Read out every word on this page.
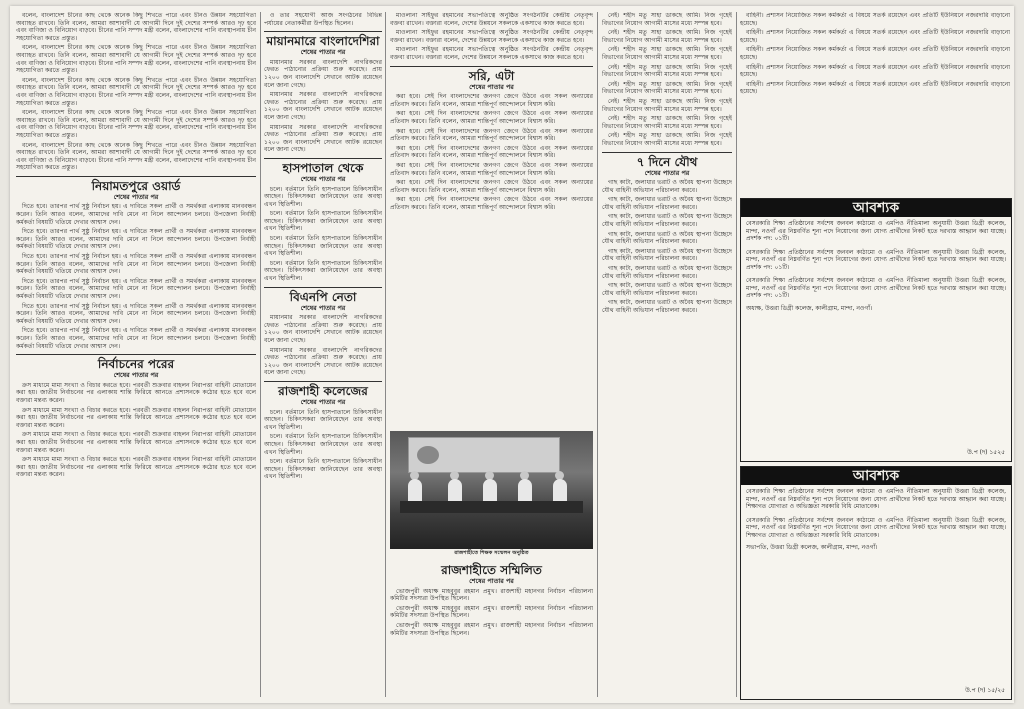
বলেন, বাংলাদেশ চীনের কাছ থেকে অনেক কিছু শিখতে পারে এবং চীনও উন্নয়ন সহযোগিতা অব্যাহত রাখবে। তিনি বলেন, আমরা আশাবাদী যে আগামী দিনে দুই দেশের সম্পর্ক আরও দৃঢ় হবে এবং বাণিজ্য ও বিনিয়োগ বাড়বে। চীনের পানি সম্পদ মন্ত্রী বলেন, বাংলাদেশের পানি ব্যবস্থাপনায় চীন সহযোগিতা করতে প্রস্তুত।

বলেন, বাংলাদেশ চীনের কাছ থেকে অনেক কিছু শিখতে পারে এবং চীনও উন্নয়ন সহযোগিতা অব্যাহত রাখবে। তিনি বলেন, আমরা আশাবাদী যে আগামী দিনে দুই দেশের সম্পর্ক আরও দৃঢ় হবে এবং বাণিজ্য ও বিনিয়োগ বাড়বে। চীনের পানি সম্পদ মন্ত্রী বলেন, বাংলাদেশের পানি ব্যবস্থাপনায় চীন সহযোগিতা করতে প্রস্তুত।

বলেন, বাংলাদেশ চীনের কাছ থেকে অনেক কিছু শিখতে পারে এবং চীনও উন্নয়ন সহযোগিতা অব্যাহত রাখবে। তিনি বলেন, আমরা আশাবাদী যে আগামী দিনে দুই দেশের সম্পর্ক আরও দৃঢ় হবে এবং বাণিজ্য ও বিনিয়োগ বাড়বে। চীনের পানি সম্পদ মন্ত্রী বলেন, বাংলাদেশের পানি ব্যবস্থাপনায় চীন সহযোগিতা করতে প্রস্তুত।

বলেন, বাংলাদেশ চীনের কাছ থেকে অনেক কিছু শিখতে পারে এবং চীনও উন্নয়ন সহযোগিতা অব্যাহত রাখবে। তিনি বলেন, আমরা আশাবাদী যে আগামী দিনে দুই দেশের সম্পর্ক আরও দৃঢ় হবে এবং বাণিজ্য ও বিনিয়োগ বাড়বে। চীনের পানি সম্পদ মন্ত্রী বলেন, বাংলাদেশের পানি ব্যবস্থাপনায় চীন সহযোগিতা করতে প্রস্তুত।

বলেন, বাংলাদেশ চীনের কাছ থেকে অনেক কিছু শিখতে পারে এবং চীনও উন্নয়ন সহযোগিতা অব্যাহত রাখবে। তিনি বলেন, আমরা আশাবাদী যে আগামী দিনে দুই দেশের সম্পর্ক আরও দৃঢ় হবে এবং বাণিজ্য ও বিনিয়োগ বাড়বে। চীনের পানি সম্পদ মন্ত্রী বলেন, বাংলাদেশের পানি ব্যবস্থাপনায় চীন সহযোগিতা করতে প্রস্তুত।

নিয়ামতপুরে ওয়ার্ড
শেষের পাতার পর

দিতে হবে। তারপর পার্থ সুষ্ঠু নির্বাচন হয়। এ দাবিতে সকল প্রার্থী ও সমর্থকরা এলাকায় মানববন্ধন করেন। তিনি আরও বলেন, আমাদের দাবি মেনে না নিলে আন্দোলন চলবে। উপজেলা নির্বাহী কর্মকর্তা বিষয়টি খতিয়ে দেখার আশ্বাস দেন।

দিতে হবে। তারপর পার্থ সুষ্ঠু নির্বাচন হয়। এ দাবিতে সকল প্রার্থী ও সমর্থকরা এলাকায় মানববন্ধন করেন। তিনি আরও বলেন, আমাদের দাবি মেনে না নিলে আন্দোলন চলবে। উপজেলা নির্বাহী কর্মকর্তা বিষয়টি খতিয়ে দেখার আশ্বাস দেন।

দিতে হবে। তারপর পার্থ সুষ্ঠু নির্বাচন হয়। এ দাবিতে সকল প্রার্থী ও সমর্থকরা এলাকায় মানববন্ধন করেন। তিনি আরও বলেন, আমাদের দাবি মেনে না নিলে আন্দোলন চলবে। উপজেলা নির্বাহী কর্মকর্তা বিষয়টি খতিয়ে দেখার আশ্বাস দেন।

দিতে হবে। তারপর পার্থ সুষ্ঠু নির্বাচন হয়। এ দাবিতে সকল প্রার্থী ও সমর্থকরা এলাকায় মানববন্ধন করেন। তিনি আরও বলেন, আমাদের দাবি মেনে না নিলে আন্দোলন চলবে। উপজেলা নির্বাহী কর্মকর্তা বিষয়টি খতিয়ে দেখার আশ্বাস দেন।

দিতে হবে। তারপর পার্থ সুষ্ঠু নির্বাচন হয়। এ দাবিতে সকল প্রার্থী ও সমর্থকরা এলাকায় মানববন্ধন করেন। তিনি আরও বলেন, আমাদের দাবি মেনে না নিলে আন্দোলন চলবে। উপজেলা নির্বাহী কর্মকর্তা বিষয়টি খতিয়ে দেখার আশ্বাস দেন।

দিতে হবে। তারপর পার্থ সুষ্ঠু নির্বাচন হয়। এ দাবিতে সকল প্রার্থী ও সমর্থকরা এলাকায় মানববন্ধন করেন। তিনি আরও বলেন, আমাদের দাবি মেনে না নিলে আন্দোলন চলবে। উপজেলা নির্বাহী কর্মকর্তা বিষয়টি খতিয়ে দেখার আশ্বাস দেন।

নির্বাচনের পরের
শেষের পাতার পর

ক্রস মাধ্যমে মামা সংখ্যা ও বিচার করতে হবে। পরবর্তী শুক্রবার বাহলন নিরাপত্তা বাহিনী মোতায়েন করা হয়। জাতীয় নির্বাচনের পর এলাকায় শান্তি ফিরিয়ে আনতে প্রশাসনকে কঠোর হতে হবে বলে বক্তারা মন্তব্য করেন।

ক্রস মাধ্যমে মামা সংখ্যা ও বিচার করতে হবে। পরবর্তী শুক্রবার বাহলন নিরাপত্তা বাহিনী মোতায়েন করা হয়। জাতীয় নির্বাচনের পর এলাকায় শান্তি ফিরিয়ে আনতে প্রশাসনকে কঠোর হতে হবে বলে বক্তারা মন্তব্য করেন।

ক্রস মাধ্যমে মামা সংখ্যা ও বিচার করতে হবে। পরবর্তী শুক্রবার বাহলন নিরাপত্তা বাহিনী মোতায়েন করা হয়। জাতীয় নির্বাচনের পর এলাকায় শান্তি ফিরিয়ে আনতে প্রশাসনকে কঠোর হতে হবে বলে বক্তারা মন্তব্য করেন।

ক্রস মাধ্যমে মামা সংখ্যা ও বিচার করতে হবে। পরবর্তী শুক্রবার বাহলন নিরাপত্তা বাহিনী মোতায়েন করা হয়। জাতীয় নির্বাচনের পর এলাকায় শান্তি ফিরিয়ে আনতে প্রশাসনকে কঠোর হতে হবে বলে বক্তারা মন্তব্য করেন।

ও তার সহযোগী আজ সংগঠনের বিভিন্ন পর্যায়ের নেতাকর্মীরা উপস্থিত ছিলেন।

মায়ানমারে বাংলাদেশিরা
শেষের পাতার পর

মায়ানমার সরকার বাংলাদেশি নাগরিকদের ফেরত পাঠানোর প্রক্রিয়া শুরু করেছে। প্রায় ১২০০ জন বাংলাদেশি সেখানে আটক রয়েছেন বলে জানা গেছে।

মায়ানমার সরকার বাংলাদেশি নাগরিকদের ফেরত পাঠানোর প্রক্রিয়া শুরু করেছে। প্রায় ১২০০ জন বাংলাদেশি সেখানে আটক রয়েছেন বলে জানা গেছে।

মায়ানমার সরকার বাংলাদেশি নাগরিকদের ফেরত পাঠানোর প্রক্রিয়া শুরু করেছে। প্রায় ১২০০ জন বাংলাদেশি সেখানে আটক রয়েছেন বলে জানা গেছে।

হাসপাতাল থেকে
শেষের পাতার পর

চলে। বর্তমানে তিনি হাসপাতালে চিকিৎসাধীন আছেন। চিকিৎসকরা জানিয়েছেন তার অবস্থা এখন স্থিতিশীল।

চলে। বর্তমানে তিনি হাসপাতালে চিকিৎসাধীন আছেন। চিকিৎসকরা জানিয়েছেন তার অবস্থা এখন স্থিতিশীল।

চলে। বর্তমানে তিনি হাসপাতালে চিকিৎসাধীন আছেন। চিকিৎসকরা জানিয়েছেন তার অবস্থা এখন স্থিতিশীল।

চলে। বর্তমানে তিনি হাসপাতালে চিকিৎসাধীন আছেন। চিকিৎসকরা জানিয়েছেন তার অবস্থা এখন স্থিতিশীল।

বিএনপি নেতা
শেষের পাতার পর

মায়ানমার সরকার বাংলাদেশি নাগরিকদের ফেরত পাঠানোর প্রক্রিয়া শুরু করেছে। প্রায় ১২০০ জন বাংলাদেশি সেখানে আটক রয়েছেন বলে জানা গেছে।

মায়ানমার সরকার বাংলাদেশি নাগরিকদের ফেরত পাঠানোর প্রক্রিয়া শুরু করেছে। প্রায় ১২০০ জন বাংলাদেশি সেখানে আটক রয়েছেন বলে জানা গেছে।

রাজশাহী কলেজের
শেষের পাতার পর

চলে। বর্তমানে তিনি হাসপাতালে চিকিৎসাধীন আছেন। চিকিৎসকরা জানিয়েছেন তার অবস্থা এখন স্থিতিশীল।

চলে। বর্তমানে তিনি হাসপাতালে চিকিৎসাধীন আছেন। চিকিৎসকরা জানিয়েছেন তার অবস্থা এখন স্থিতিশীল।

চলে। বর্তমানে তিনি হাসপাতালে চিকিৎসাধীন আছেন। চিকিৎসকরা জানিয়েছেন তার অবস্থা এখন স্থিতিশীল।

মাওলানা সাইফুর রহমানের সভাপতিত্বে অনুষ্ঠিত সংগঠনটির কেন্দ্রীয় নেতৃবৃন্দ বক্তব্য রাখেন। বক্তারা বলেন, দেশের উন্নয়নে সকলকে একসাথে কাজ করতে হবে।

মাওলানা সাইফুর রহমানের সভাপতিত্বে অনুষ্ঠিত সংগঠনটির কেন্দ্রীয় নেতৃবৃন্দ বক্তব্য রাখেন। বক্তারা বলেন, দেশের উন্নয়নে সকলকে একসাথে কাজ করতে হবে।

মাওলানা সাইফুর রহমানের সভাপতিত্বে অনুষ্ঠিত সংগঠনটির কেন্দ্রীয় নেতৃবৃন্দ বক্তব্য রাখেন। বক্তারা বলেন, দেশের উন্নয়নে সকলকে একসাথে কাজ করতে হবে।

সরি, এটা
শেষের পাতার পর

করা হবে। সেই দিন বাংলাদেশের জনগণ জেগে উঠবে এবং সকল অন্যায়ের প্রতিবাদ করবে। তিনি বলেন, আমরা শান্তিপূর্ণ আন্দোলনে বিশ্বাস করি।

করা হবে। সেই দিন বাংলাদেশের জনগণ জেগে উঠবে এবং সকল অন্যায়ের প্রতিবাদ করবে। তিনি বলেন, আমরা শান্তিপূর্ণ আন্দোলনে বিশ্বাস করি।

করা হবে। সেই দিন বাংলাদেশের জনগণ জেগে উঠবে এবং সকল অন্যায়ের প্রতিবাদ করবে। তিনি বলেন, আমরা শান্তিপূর্ণ আন্দোলনে বিশ্বাস করি।

করা হবে। সেই দিন বাংলাদেশের জনগণ জেগে উঠবে এবং সকল অন্যায়ের প্রতিবাদ করবে। তিনি বলেন, আমরা শান্তিপূর্ণ আন্দোলনে বিশ্বাস করি।

করা হবে। সেই দিন বাংলাদেশের জনগণ জেগে উঠবে এবং সকল অন্যায়ের প্রতিবাদ করবে। তিনি বলেন, আমরা শান্তিপূর্ণ আন্দোলনে বিশ্বাস করি।

করা হবে। সেই দিন বাংলাদেশের জনগণ জেগে উঠবে এবং সকল অন্যায়ের প্রতিবাদ করবে। তিনি বলেন, আমরা শান্তিপূর্ণ আন্দোলনে বিশ্বাস করি।

করা হবে। সেই দিন বাংলাদেশের জনগণ জেগে উঠবে এবং সকল অন্যায়ের প্রতিবাদ করবে। তিনি বলেন, আমরা শান্তিপূর্ণ আন্দোলনে বিশ্বাস করি।

রাজশাহীতে শিক্ষক সম্মেলন অনুষ্ঠিত
রাজশাহীতে সম্মিলিত
শেষের পাতার পর

ভোজপুরী অধ্যক্ষ মাহবুবুর রহমান প্রমুখ। রাজশাহী মহানগর নির্বাচন পরিচালনা কমিটির সদস্যরা উপস্থিত ছিলেন।

ভোজপুরী অধ্যক্ষ মাহবুবুর রহমান প্রমুখ। রাজশাহী মহানগর নির্বাচন পরিচালনা কমিটির সদস্যরা উপস্থিত ছিলেন।

ভোজপুরী অধ্যক্ষ মাহবুবুর রহমান প্রমুখ। রাজশাহী মহানগর নির্বাচন পরিচালনা কমিটির সদস্যরা উপস্থিত ছিলেন।

নেই। শহীদ মতু সাহা ডাকছে আমি। নিজ গৃহেই বিভাগের নিয়োগ আগামী মাসের মধ্যে সম্পন্ন হবে।

নেই। শহীদ মতু সাহা ডাকছে আমি। নিজ গৃহেই বিভাগের নিয়োগ আগামী মাসের মধ্যে সম্পন্ন হবে।

নেই। শহীদ মতু সাহা ডাকছে আমি। নিজ গৃহেই বিভাগের নিয়োগ আগামী মাসের মধ্যে সম্পন্ন হবে।

নেই। শহীদ মতু সাহা ডাকছে আমি। নিজ গৃহেই বিভাগের নিয়োগ আগামী মাসের মধ্যে সম্পন্ন হবে।

নেই। শহীদ মতু সাহা ডাকছে আমি। নিজ গৃহেই বিভাগের নিয়োগ আগামী মাসের মধ্যে সম্পন্ন হবে।

নেই। শহীদ মতু সাহা ডাকছে আমি। নিজ গৃহেই বিভাগের নিয়োগ আগামী মাসের মধ্যে সম্পন্ন হবে।

নেই। শহীদ মতু সাহা ডাকছে আমি। নিজ গৃহেই বিভাগের নিয়োগ আগামী মাসের মধ্যে সম্পন্ন হবে।

নেই। শহীদ মতু সাহা ডাকছে আমি। নিজ গৃহেই বিভাগের নিয়োগ আগামী মাসের মধ্যে সম্পন্ন হবে।

৭ দিনে যৌথ
শেষের পাতার পর

গাছ কাটা, জলাধার ভরাট ও অবৈধ স্থাপনা উচ্ছেদে যৌথ বাহিনী অভিযান পরিচালনা করবে।

গাছ কাটা, জলাধার ভরাট ও অবৈধ স্থাপনা উচ্ছেদে যৌথ বাহিনী অভিযান পরিচালনা করবে।

গাছ কাটা, জলাধার ভরাট ও অবৈধ স্থাপনা উচ্ছেদে যৌথ বাহিনী অভিযান পরিচালনা করবে।

গাছ কাটা, জলাধার ভরাট ও অবৈধ স্থাপনা উচ্ছেদে যৌথ বাহিনী অভিযান পরিচালনা করবে।

গাছ কাটা, জলাধার ভরাট ও অবৈধ স্থাপনা উচ্ছেদে যৌথ বাহিনী অভিযান পরিচালনা করবে।

গাছ কাটা, জলাধার ভরাট ও অবৈধ স্থাপনা উচ্ছেদে যৌথ বাহিনী অভিযান পরিচালনা করবে।

গাছ কাটা, জলাধার ভরাট ও অবৈধ স্থাপনা উচ্ছেদে যৌথ বাহিনী অভিযান পরিচালনা করবে।

গাছ কাটা, জলাধার ভরাট ও অবৈধ স্থাপনা উচ্ছেদে যৌথ বাহিনী অভিযান পরিচালনা করবে।

বাহিনী। প্রশাসন নিয়োজিত সকল কর্মকর্তা এ বিষয়ে সতর্ক রয়েছেন এবং প্রতিটি ইউনিয়নে নজরদারি বাড়ানো হয়েছে।

বাহিনী। প্রশাসন নিয়োজিত সকল কর্মকর্তা এ বিষয়ে সতর্ক রয়েছেন এবং প্রতিটি ইউনিয়নে নজরদারি বাড়ানো হয়েছে।

বাহিনী। প্রশাসন নিয়োজিত সকল কর্মকর্তা এ বিষয়ে সতর্ক রয়েছেন এবং প্রতিটি ইউনিয়নে নজরদারি বাড়ানো হয়েছে।

বাহিনী। প্রশাসন নিয়োজিত সকল কর্মকর্তা এ বিষয়ে সতর্ক রয়েছেন এবং প্রতিটি ইউনিয়নে নজরদারি বাড়ানো হয়েছে।

বাহিনী। প্রশাসন নিয়োজিত সকল কর্মকর্তা এ বিষয়ে সতর্ক রয়েছেন এবং প্রতিটি ইউনিয়নে নজরদারি বাড়ানো হয়েছে।

আবশ্যক
বেসরকারি শিক্ষা প্রতিষ্ঠানের সর্বশেষ জনবল কাঠামো ও এমপিও নীতিমালা অনুযায়ী উত্তরা ডিগ্রী কলেজ, মান্দা, নওগাঁ এর নিম্নবর্ণিত শূন্য পদে নিয়োগের জন্য যোগ্য প্রার্থীদের নিকট হতে দরখাস্ত আহ্বান করা যাচ্ছে। প্রদর্শক পদ: ০১টি।
বেসরকারি শিক্ষা প্রতিষ্ঠানের সর্বশেষ জনবল কাঠামো ও এমপিও নীতিমালা অনুযায়ী উত্তরা ডিগ্রী কলেজ, মান্দা, নওগাঁ এর নিম্নবর্ণিত শূন্য পদে নিয়োগের জন্য যোগ্য প্রার্থীদের নিকট হতে দরখাস্ত আহ্বান করা যাচ্ছে। প্রদর্শক পদ: ০১টি।
বেসরকারি শিক্ষা প্রতিষ্ঠানের সর্বশেষ জনবল কাঠামো ও এমপিও নীতিমালা অনুযায়ী উত্তরা ডিগ্রী কলেজ, মান্দা, নওগাঁ এর নিম্নবর্ণিত শূন্য পদে নিয়োগের জন্য যোগ্য প্রার্থীদের নিকট হতে দরখাস্ত আহ্বান করা যাচ্ছে। প্রদর্শক পদ: ০১টি।
অধ্যক্ষ, উত্তরা ডিগ্রী কলেজ, কালীগ্রাম, মান্দা, নওগাঁ।
উ.প (দ) ১৫২৫
আবশ্যক
বেসরকারি শিক্ষা প্রতিষ্ঠানের সর্বশেষ জনবল কাঠামো ও এমপিও নীতিমালা অনুযায়ী উত্তরা ডিগ্রী কলেজ, মান্দা, নওগাঁ এর নিম্নবর্ণিত শূন্য পদে নিয়োগের জন্য যোগ্য প্রার্থীদের নিকট হতে দরখাস্ত আহ্বান করা যাচ্ছে। শিক্ষাগত যোগ্যতা ও অভিজ্ঞতা সরকারি বিধি মোতাবেক।
বেসরকারি শিক্ষা প্রতিষ্ঠানের সর্বশেষ জনবল কাঠামো ও এমপিও নীতিমালা অনুযায়ী উত্তরা ডিগ্রী কলেজ, মান্দা, নওগাঁ এর নিম্নবর্ণিত শূন্য পদে নিয়োগের জন্য যোগ্য প্রার্থীদের নিকট হতে দরখাস্ত আহ্বান করা যাচ্ছে। শিক্ষাগত যোগ্যতা ও অভিজ্ঞতা সরকারি বিধি মোতাবেক।
সভাপতি, উত্তরা ডিগ্রী কলেজ, কালীগ্রাম, মান্দা, নওগাঁ।
উ.প (দ) ১৫/২৫
